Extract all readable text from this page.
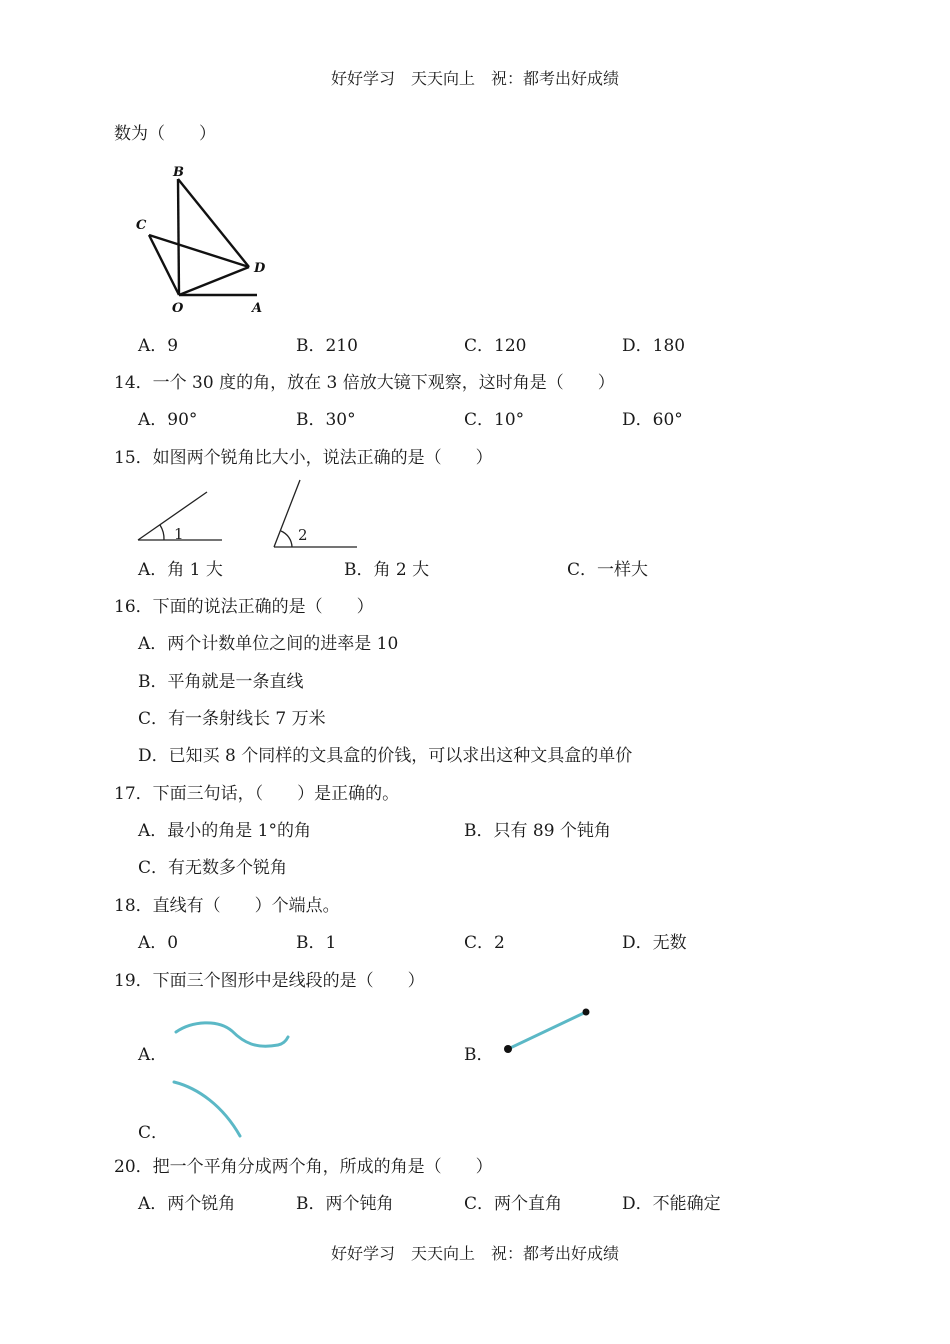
好好学习　天天向上　祝：都考出好成绩
数为（　　）
B
C
D
O	A
A．9	B．210	C．120	D．180
14．一个 30 度的角，放在 3 倍放大镜下观察，这时角是（　　）
A．90°	B．30°	C．10°	D．60°
15．如图两个锐角比大小，说法正确的是（　　）
1	2
A．角 1 大	B．角 2 大	C．一样大
16．下面的说法正确的是（　　）
A．两个计数单位之间的进率是 10
B．平角就是一条直线
C．有一条射线长 7 万米
D．已知买 8 个同样的文具盒的价钱，可以求出这种文具盒的单价
17．下面三句话，（　　）是正确的。
A．最小的角是 1°的角	B．只有 89 个钝角
C．有无数多个锐角
18．直线有（　　）个端点。
A．0	B．1	C．2	D．无数
19．下面三个图形中是线段的是（　　）
A．	B．
C．
20．把一个平角分成两个角，所成的角是（　　）
A．两个锐角	B．两个钝角	C．两个直角	D．不能确定
好好学习　天天向上　祝：都考出好成绩
